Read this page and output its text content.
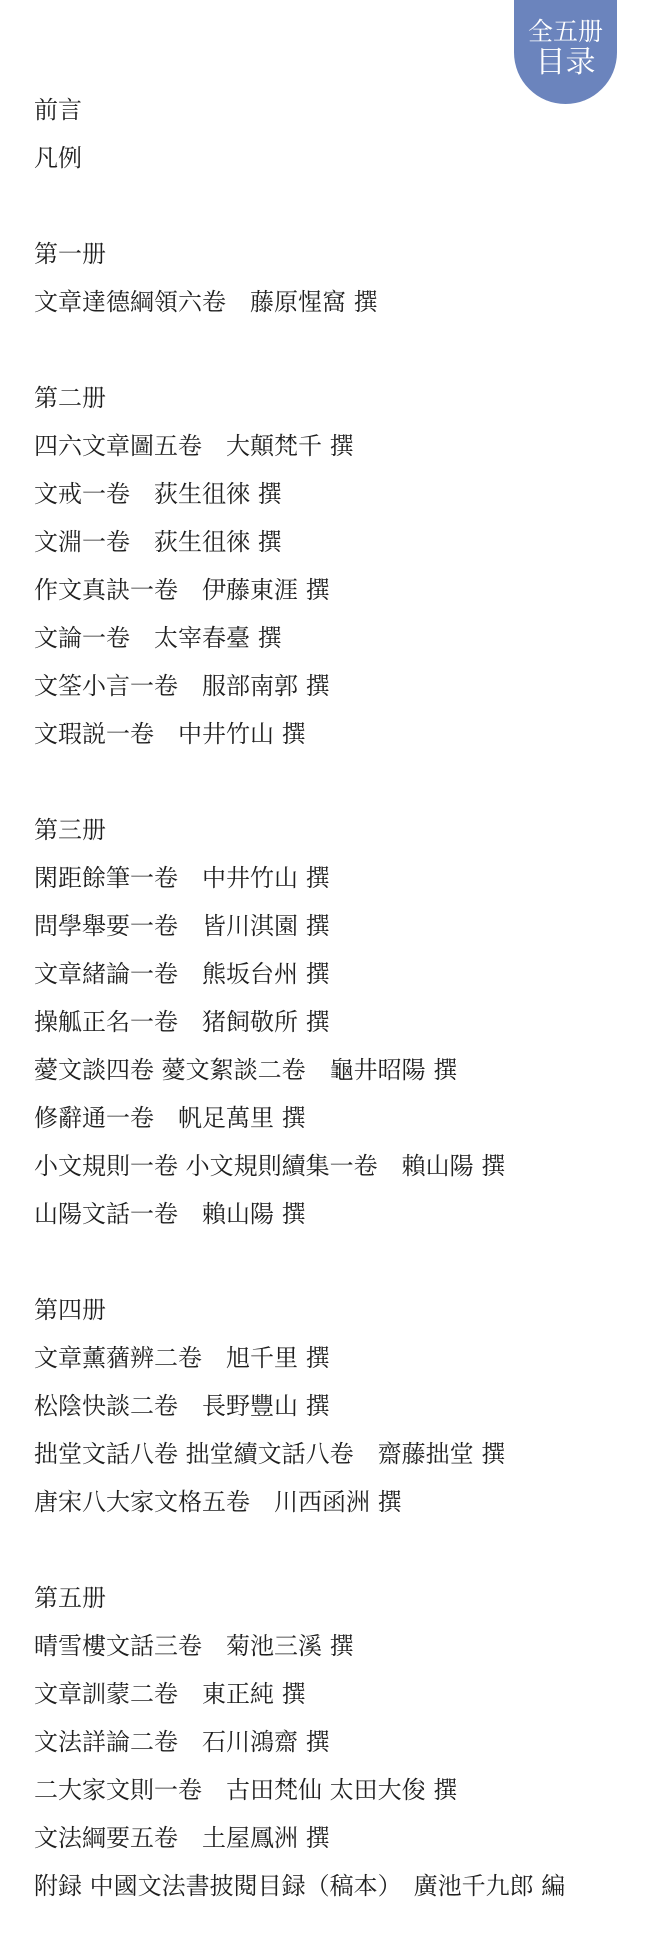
全五册
目录
前言
凡例
第一册
文章達德綱領六卷　藤原惺窩 撰
第二册
四六文章圖五卷　大顛梵千 撰
文戒一卷　荻生徂徠 撰
文淵一卷　荻生徂徠 撰
作文真訣一卷　伊藤東涯 撰
文論一卷　太宰春臺 撰
文筌小言一卷　服部南郭 撰
文瑕説一卷　中井竹山 撰
第三册
閑距餘筆一卷　中井竹山 撰
問學舉要一卷　皆川淇園 撰
文章緒論一卷　熊坂台州 撰
操觚正名一卷　猪飼敬所 撰
薆文談四卷 薆文絮談二卷　龜井昭陽 撰
修辭通一卷　帆足萬里 撰
小文規則一卷 小文規則續集一卷　賴山陽 撰
山陽文話一卷　賴山陽 撰
第四册
文章薰蕕辨二卷　旭千里 撰
松陰快談二卷　長野豐山 撰
拙堂文話八卷 拙堂續文話八卷　齋藤拙堂 撰
唐宋八大家文格五卷　川西函洲 撰
第五册
晴雪樓文話三卷　菊池三溪 撰
文章訓蒙二卷　東正純 撰
文法詳論二卷　石川鴻齋 撰
二大家文則一卷　古田梵仙 太田大俊 撰
文法綱要五卷　土屋鳳洲 撰
附録 中國文法書披閱目録（稿本）　廣池千九郎 編
